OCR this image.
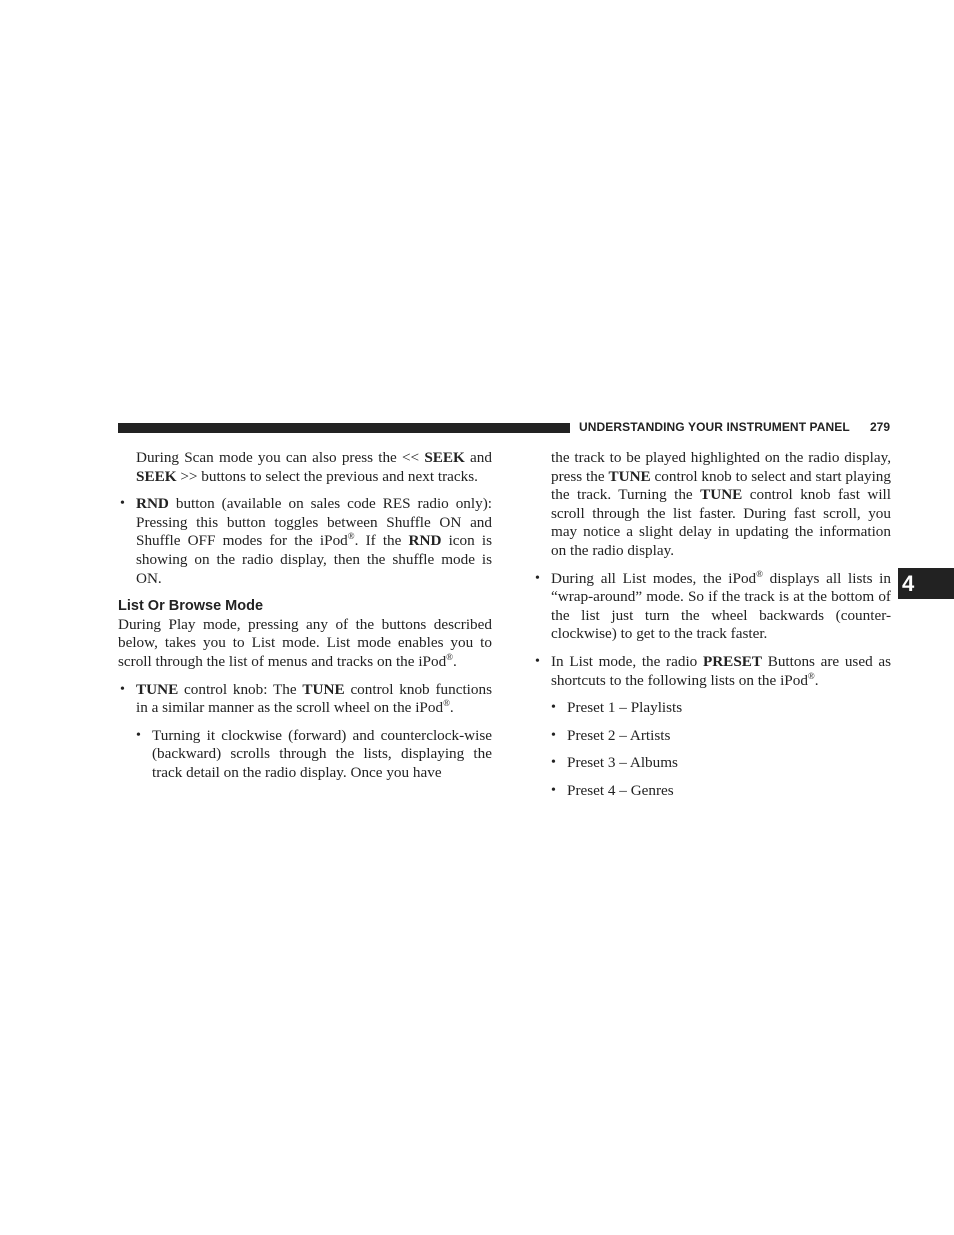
UNDERSTANDING YOUR INSTRUMENT PANEL 279
4

During Scan mode you can also press the << SEEK and SEEK >> buttons to select the previous and next tracks.

• RND button (available on sales code RES radio only): Pressing this button toggles between Shuffle ON and Shuffle OFF modes for the iPod®. If the RND icon is showing on the radio display, then the shuffle mode is ON.

List Or Browse Mode

During Play mode, pressing any of the buttons described below, takes you to List mode. List mode enables you to scroll through the list of menus and tracks on the iPod®.

• TUNE control knob: The TUNE control knob functions in a similar manner as the scroll wheel on the iPod®.

• Turning it clockwise (forward) and counterclock-wise (backward) scrolls through the lists, displaying the track detail on the radio display. Once you have

the track to be played highlighted on the radio display, press the TUNE control knob to select and start playing the track. Turning the TUNE control knob fast will scroll through the list faster. During fast scroll, you may notice a slight delay in updating the information on the radio display.

• During all List modes, the iPod® displays all lists in “wrap-around” mode. So if the track is at the bottom of the list just turn the wheel backwards (counter-clockwise) to get to the track faster.

• In List mode, the radio PRESET Buttons are used as shortcuts to the following lists on the iPod®.

• Preset 1 – Playlists

• Preset 2 – Artists

• Preset 3 – Albums

• Preset 4 – Genres
